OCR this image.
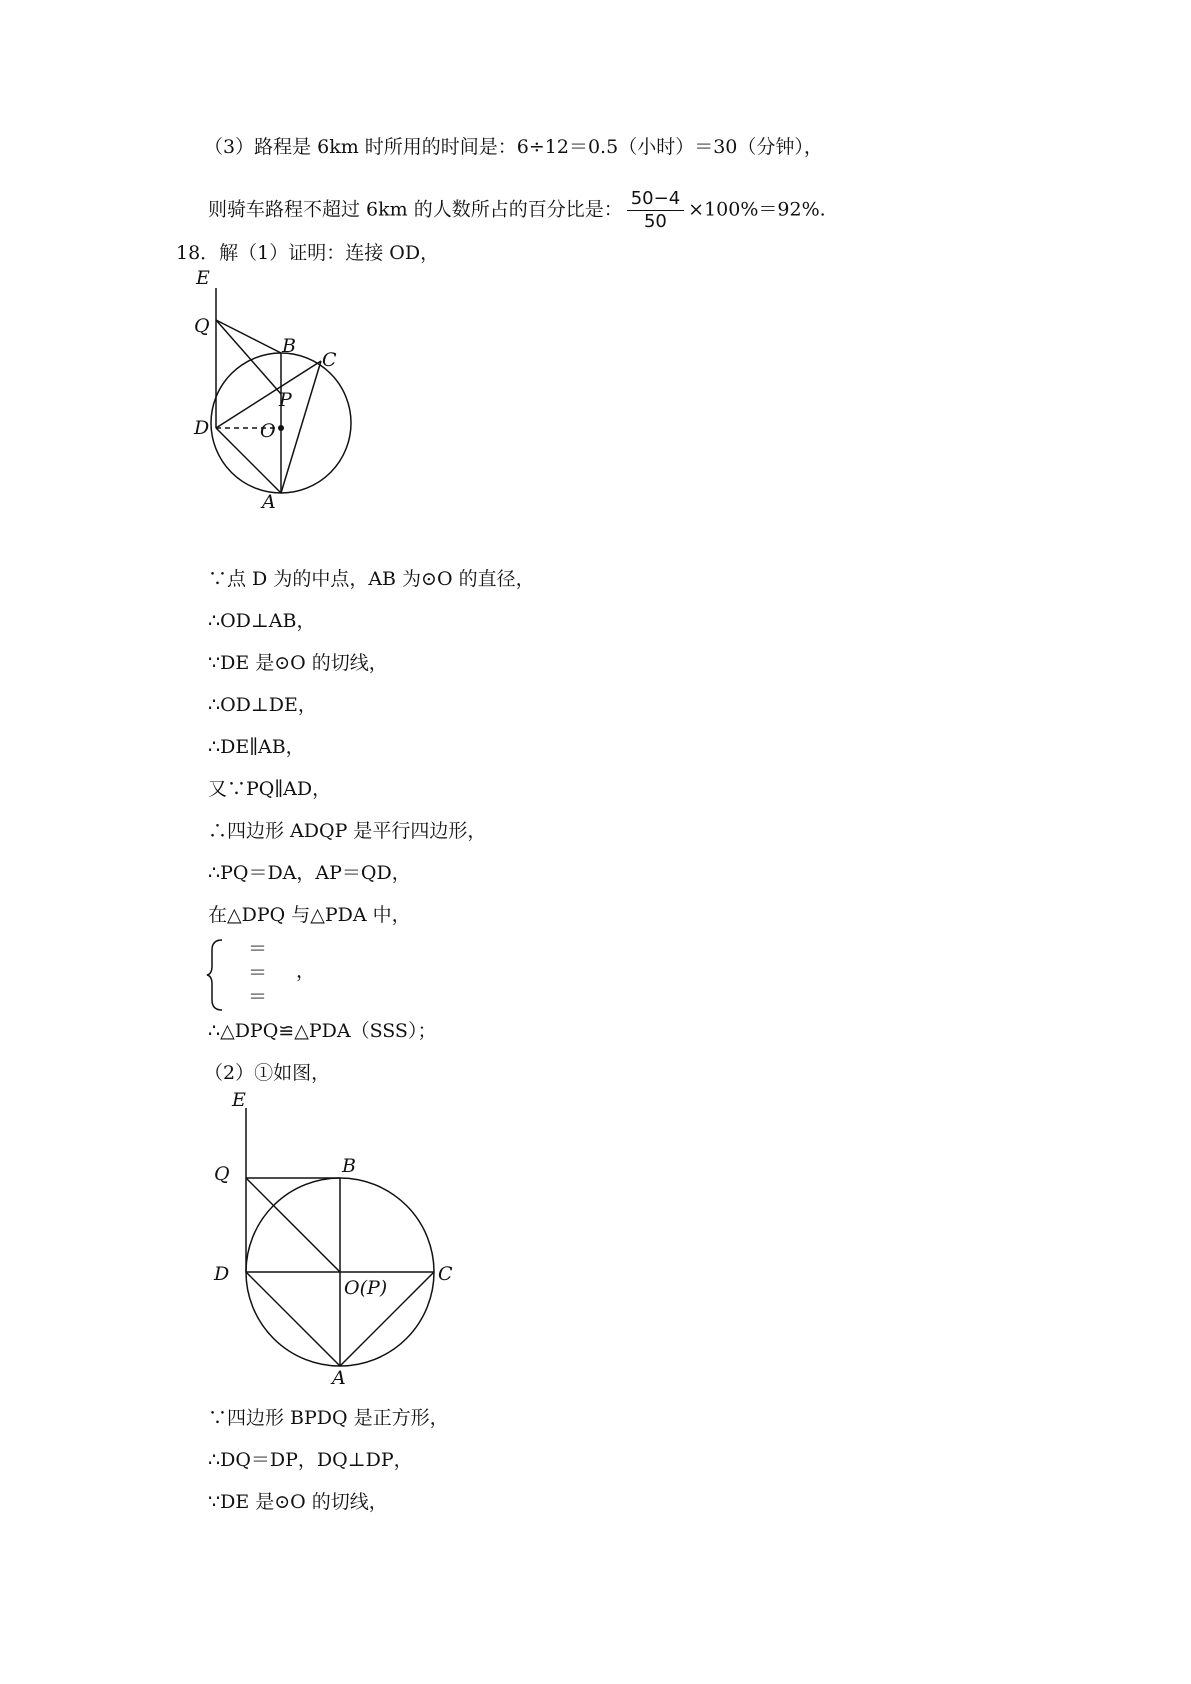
（3）路程是 6km 时所用的时间是：6÷12＝0.5（小时）＝30（分钟），
则骑车路程不超过 6km 的人数所占的百分比是： $\frac{50-4}{50} \times 100\%=92\%$.
18．解（1）证明：连接 OD，
E
Q
B
C
P
D	O
A
∵点 D 为的中点，AB 为⊙O 的直径，
∴OD⊥AB，
∵DE 是⊙O 的切线，
∴OD⊥DE，
∴DE∥AB，
又∵PQ∥AD，
∴四边形 ADQP 是平行四边形，
∴PQ＝DA，AP＝QD，
在△DPQ 与△PDA 中，
＝
＝
＝
，
∴△DPQ≌△PDA（SSS）；
（2）①如图，
E
Q	B
D
O(P)
C
A
∵四边形 BPDQ 是正方形，
∴DQ＝DP，DQ⊥DP，
∵DE 是⊙O 的切线，
